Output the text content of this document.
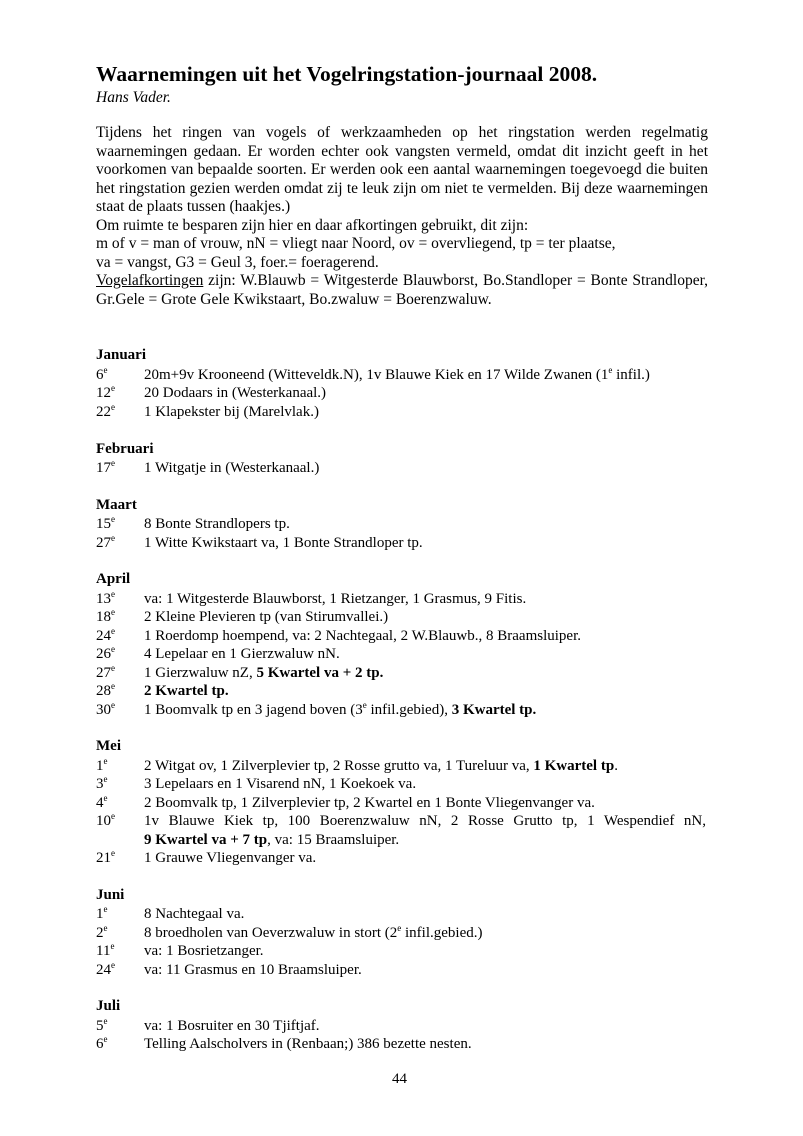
Waarnemingen uit het Vogelringstation-journaal 2008.
Hans Vader.

Tijdens het ringen van vogels of werkzaamheden op het ringstation werden regelmatig waarnemingen gedaan. Er worden echter ook vangsten vermeld, omdat dit inzicht geeft in het voorkomen van bepaalde soorten. Er werden ook een aantal waarnemingen toegevoegd die buiten het ringstation gezien werden omdat zij te leuk zijn om niet te vermelden. Bij deze waarnemingen staat de plaats tussen (haakjes.)

Om ruimte te besparen zijn hier en daar afkortingen gebruikt, dit zijn:
m of v = man of vrouw, nN = vliegt naar Noord, ov = overvliegend, tp = ter plaatse,
va = vangst, G3 = Geul 3, foer.= foeragerend.

Vogelafkortingen zijn: W.Blauwb = Witgesterde Blauwborst, Bo.Standloper = Bonte Strandloper, Gr.Gele = Grote Gele Kwikstaart, Bo.zwaluw = Boerenzwaluw.

Januari
6e	20m+9v Krooneend (Witteveldk.N), 1v Blauwe Kiek en 17 Wilde Zwanen (1e infil.)
12e	20 Dodaars in (Westerkanaal.)
22e	1 Klapekster bij (Marelvlak.)
Februari
17e	1 Witgatje in (Westerkanaal.)
Maart
15e	8 Bonte Strandlopers tp.
27e	1 Witte Kwikstaart va, 1 Bonte Strandloper tp.
April
13e	va: 1 Witgesterde Blauwborst, 1 Rietzanger, 1 Grasmus, 9 Fitis.
18e	2 Kleine Plevieren tp (van Stirumvallei.)
24e	1 Roerdomp hoempend, va: 2 Nachtegaal, 2 W.Blauwb., 8 Braamsluiper.
26e	4 Lepelaar en 1 Gierzwaluw nN.
27e	1 Gierzwaluw nZ, 5 Kwartel va + 2 tp.
28e	2 Kwartel tp.
30e	1 Boomvalk tp en 3 jagend boven (3e infil.gebied), 3 Kwartel tp.
Mei
1e	2 Witgat ov, 1 Zilverplevier tp, 2 Rosse grutto va, 1 Tureluur va, 1 Kwartel tp.
3e	3 Lepelaars en 1 Visarend nN, 1 Koekoek va.
4e	2 Boomvalk tp, 1 Zilverplevier tp, 2 Kwartel en 1 Bonte Vliegenvanger va.
10e	1v Blauwe Kiek tp, 100 Boerenzwaluw nN, 2 Rosse Grutto tp, 1 Wespendief nN,
9 Kwartel va + 7 tp, va: 15 Braamsluiper.
21e	1 Grauwe Vliegenvanger va.
Juni
1e	8 Nachtegaal va.
2e	8 broedholen van Oeverzwaluw in stort (2e infil.gebied.)
11e	va: 1 Bosrietzanger.
24e	va: 11 Grasmus en 10 Braamsluiper.
Juli
5e	va: 1 Bosruiter en 30 Tjiftjaf.
6e	Telling Aalscholvers in (Renbaan;) 386 bezette nesten.
44
